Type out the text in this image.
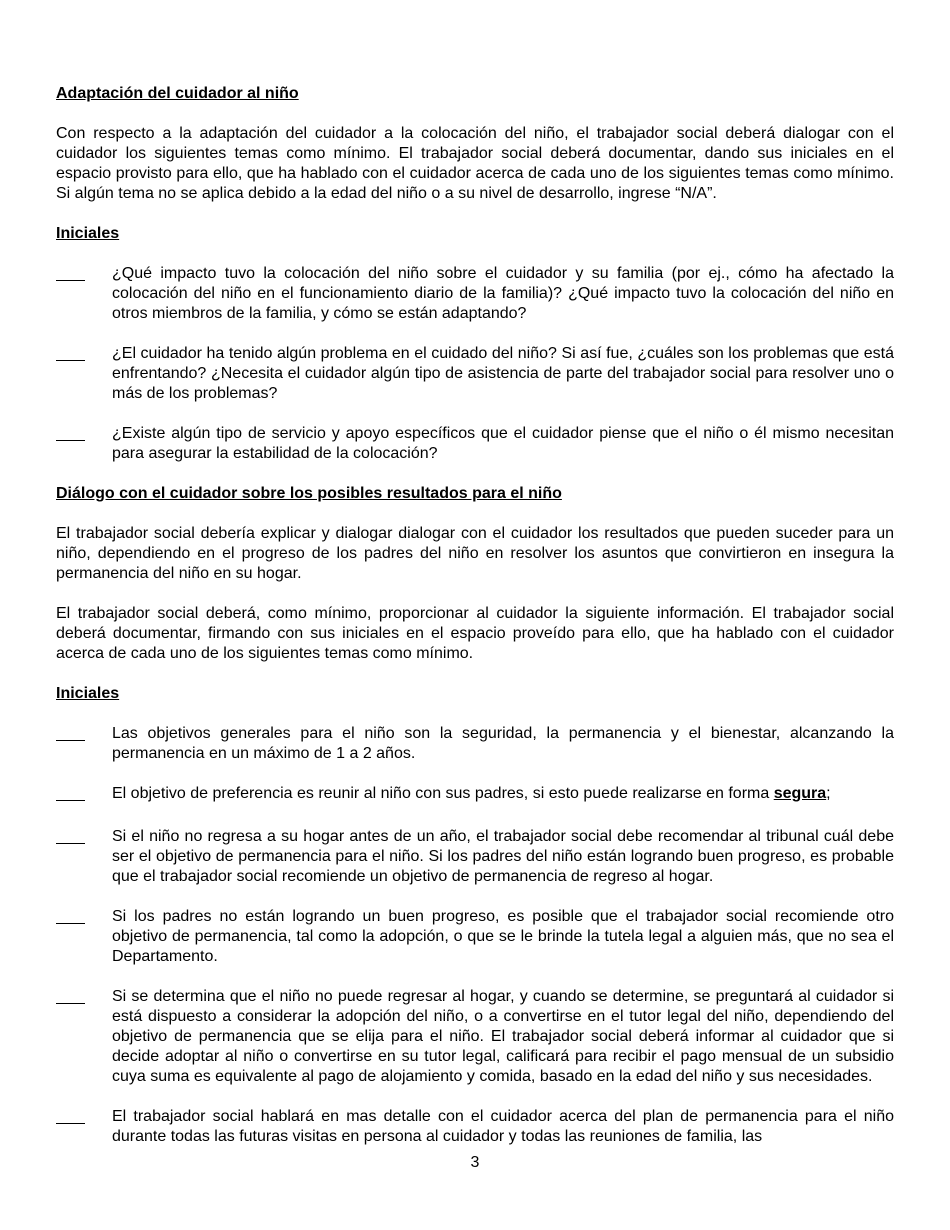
Adaptación del cuidador al niño

Con respecto a la adaptación del cuidador a la colocación del niño, el trabajador social deberá dialogar con el cuidador los siguientes temas como mínimo. El trabajador social deberá documentar, dando sus iniciales en el espacio provisto para ello, que ha hablado con el cuidador acerca de cada uno de los siguientes temas como mínimo. Si algún tema no se aplica debido a la edad del niño o a su nivel de desarrollo, ingrese “N/A”.

Iniciales
¿Qué impacto tuvo la colocación del niño sobre el cuidador y su familia (por ej., cómo ha afectado la colocación del niño en el funcionamiento diario de la familia)? ¿Qué impacto tuvo la colocación del niño en otros miembros de la familia, y cómo se están adaptando?
¿El cuidador ha tenido algún problema en el cuidado del niño? Si así fue, ¿cuáles son los problemas que está enfrentando? ¿Necesita el cuidador algún tipo de asistencia de parte del trabajador social para resolver uno o más de los problemas?
¿Existe algún tipo de servicio y apoyo específicos que el cuidador piense que el niño o él mismo necesitan para asegurar la estabilidad de la colocación?
Diálogo con el cuidador sobre los posibles resultados para el niño

El trabajador social debería explicar y dialogar dialogar con el cuidador los resultados que pueden suceder para un niño, dependiendo en el progreso de los padres del niño en resolver los asuntos que convirtieron en insegura la permanencia del niño en su hogar.

El trabajador social deberá, como mínimo, proporcionar al cuidador la siguiente información. El trabajador social deberá documentar, firmando con sus iniciales en el espacio proveído para ello, que ha hablado con el cuidador acerca de cada uno de los siguientes temas como mínimo.

Iniciales
Las objetivos generales para el niño son la seguridad, la permanencia y el bienestar, alcanzando la permanencia en un máximo de 1 a 2 años.
El objetivo de preferencia es reunir al niño con sus padres, si esto puede realizarse en forma segura;
Si el niño no regresa a su hogar antes de un año, el trabajador social debe recomendar al tribunal cuál debe ser el objetivo de permanencia para el niño. Si los padres del niño están logrando buen progreso, es probable que el trabajador social recomiende un objetivo de permanencia de regreso al hogar.
Si los padres no están logrando un buen progreso, es posible que el trabajador social recomiende otro objetivo de permanencia, tal como la adopción, o que se le brinde la tutela legal a alguien más, que no sea el Departamento.
Si se determina que el niño no puede regresar al hogar, y cuando se determine, se preguntará al cuidador si está dispuesto a considerar la adopción del niño, o a convertirse en el tutor legal del niño, dependiendo del objetivo de permanencia que se elija para el niño. El trabajador social deberá informar al cuidador que si decide adoptar al niño o convertirse en su tutor legal, calificará para recibir el pago mensual de un subsidio cuya suma es equivalente al pago de alojamiento y comida, basado en la edad del niño y sus necesidades.
El trabajador social hablará en mas detalle con el cuidador acerca del plan de permanencia para el niño durante todas las futuras visitas en persona al cuidador y todas las reuniones de familia, las
3
